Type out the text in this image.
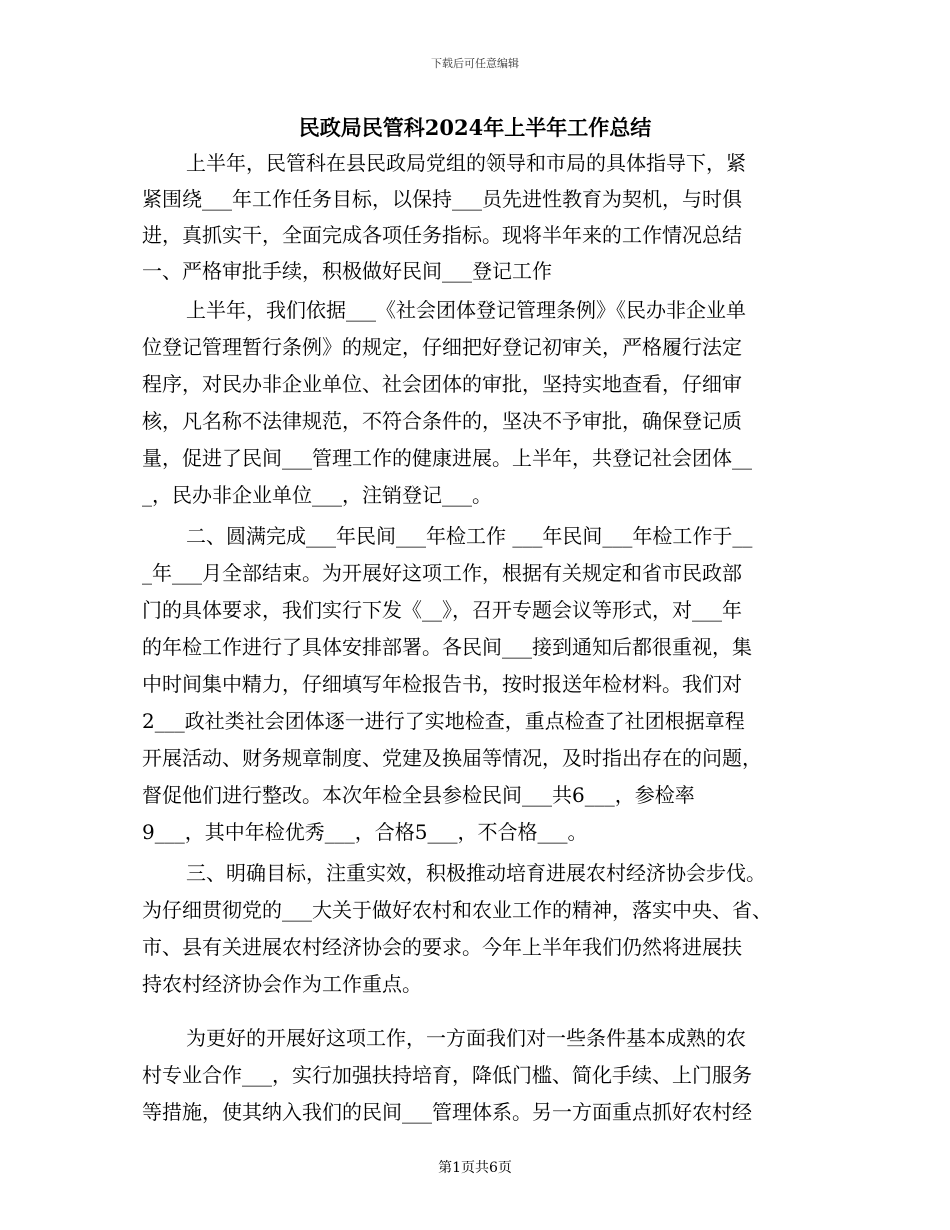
下载后可任意编辑
民政局民管科2024年上半年工作总结
上半年，民管科在县民政局党组的领导和市局的具体指导下，紧
紧围绕___年工作任务目标，以保持___员先进性教育为契机，与时俱
进，真抓实干，全面完成各项任务指标。现将半年来的工作情况总结
一、严格审批手续，积极做好民间___登记工作
上半年，我们依据___《社会团体登记管理条例》《民办非企业单
位登记管理暂行条例》的规定，仔细把好登记初审关，严格履行法定
程序，对民办非企业单位、社会团体的审批，坚持实地查看，仔细审
核，凡名称不法律规范，不符合条件的，坚决不予审批，确保登记质
量，促进了民间___管理工作的健康进展。上半年，共登记社会团体__
_，民办非企业单位___，注销登记___。
二、圆满完成___年民间___年检工作 ___年民间___年检工作于__
_年___月全部结束。为开展好这项工作，根据有关规定和省市民政部
门的具体要求，我们实行下发《__》，召开专题会议等形式，对___年
的年检工作进行了具体安排部署。各民间___接到通知后都很重视，集
中时间集中精力，仔细填写年检报告书，按时报送年检材料。我们对
2___政社类社会团体逐一进行了实地检查，重点检查了社团根据章程
开展活动、财务规章制度、党建及换届等情况，及时指出存在的问题，
督促他们进行整改。本次年检全县参检民间___共6___，参检率
9___，其中年检优秀___，合格5___，不合格___。
三、明确目标，注重实效，积极推动培育进展农村经济协会步伐。
为仔细贯彻党的___大关于做好农村和农业工作的精神，落实中央、省、
市、县有关进展农村经济协会的要求。今年上半年我们仍然将进展扶
持农村经济协会作为工作重点。
为更好的开展好这项工作，一方面我们对一些条件基本成熟的农
村专业合作___，实行加强扶持培育，降低门槛、简化手续、上门服务
等措施，使其纳入我们的民间___管理体系。另一方面重点抓好农村经
第1页共6页
